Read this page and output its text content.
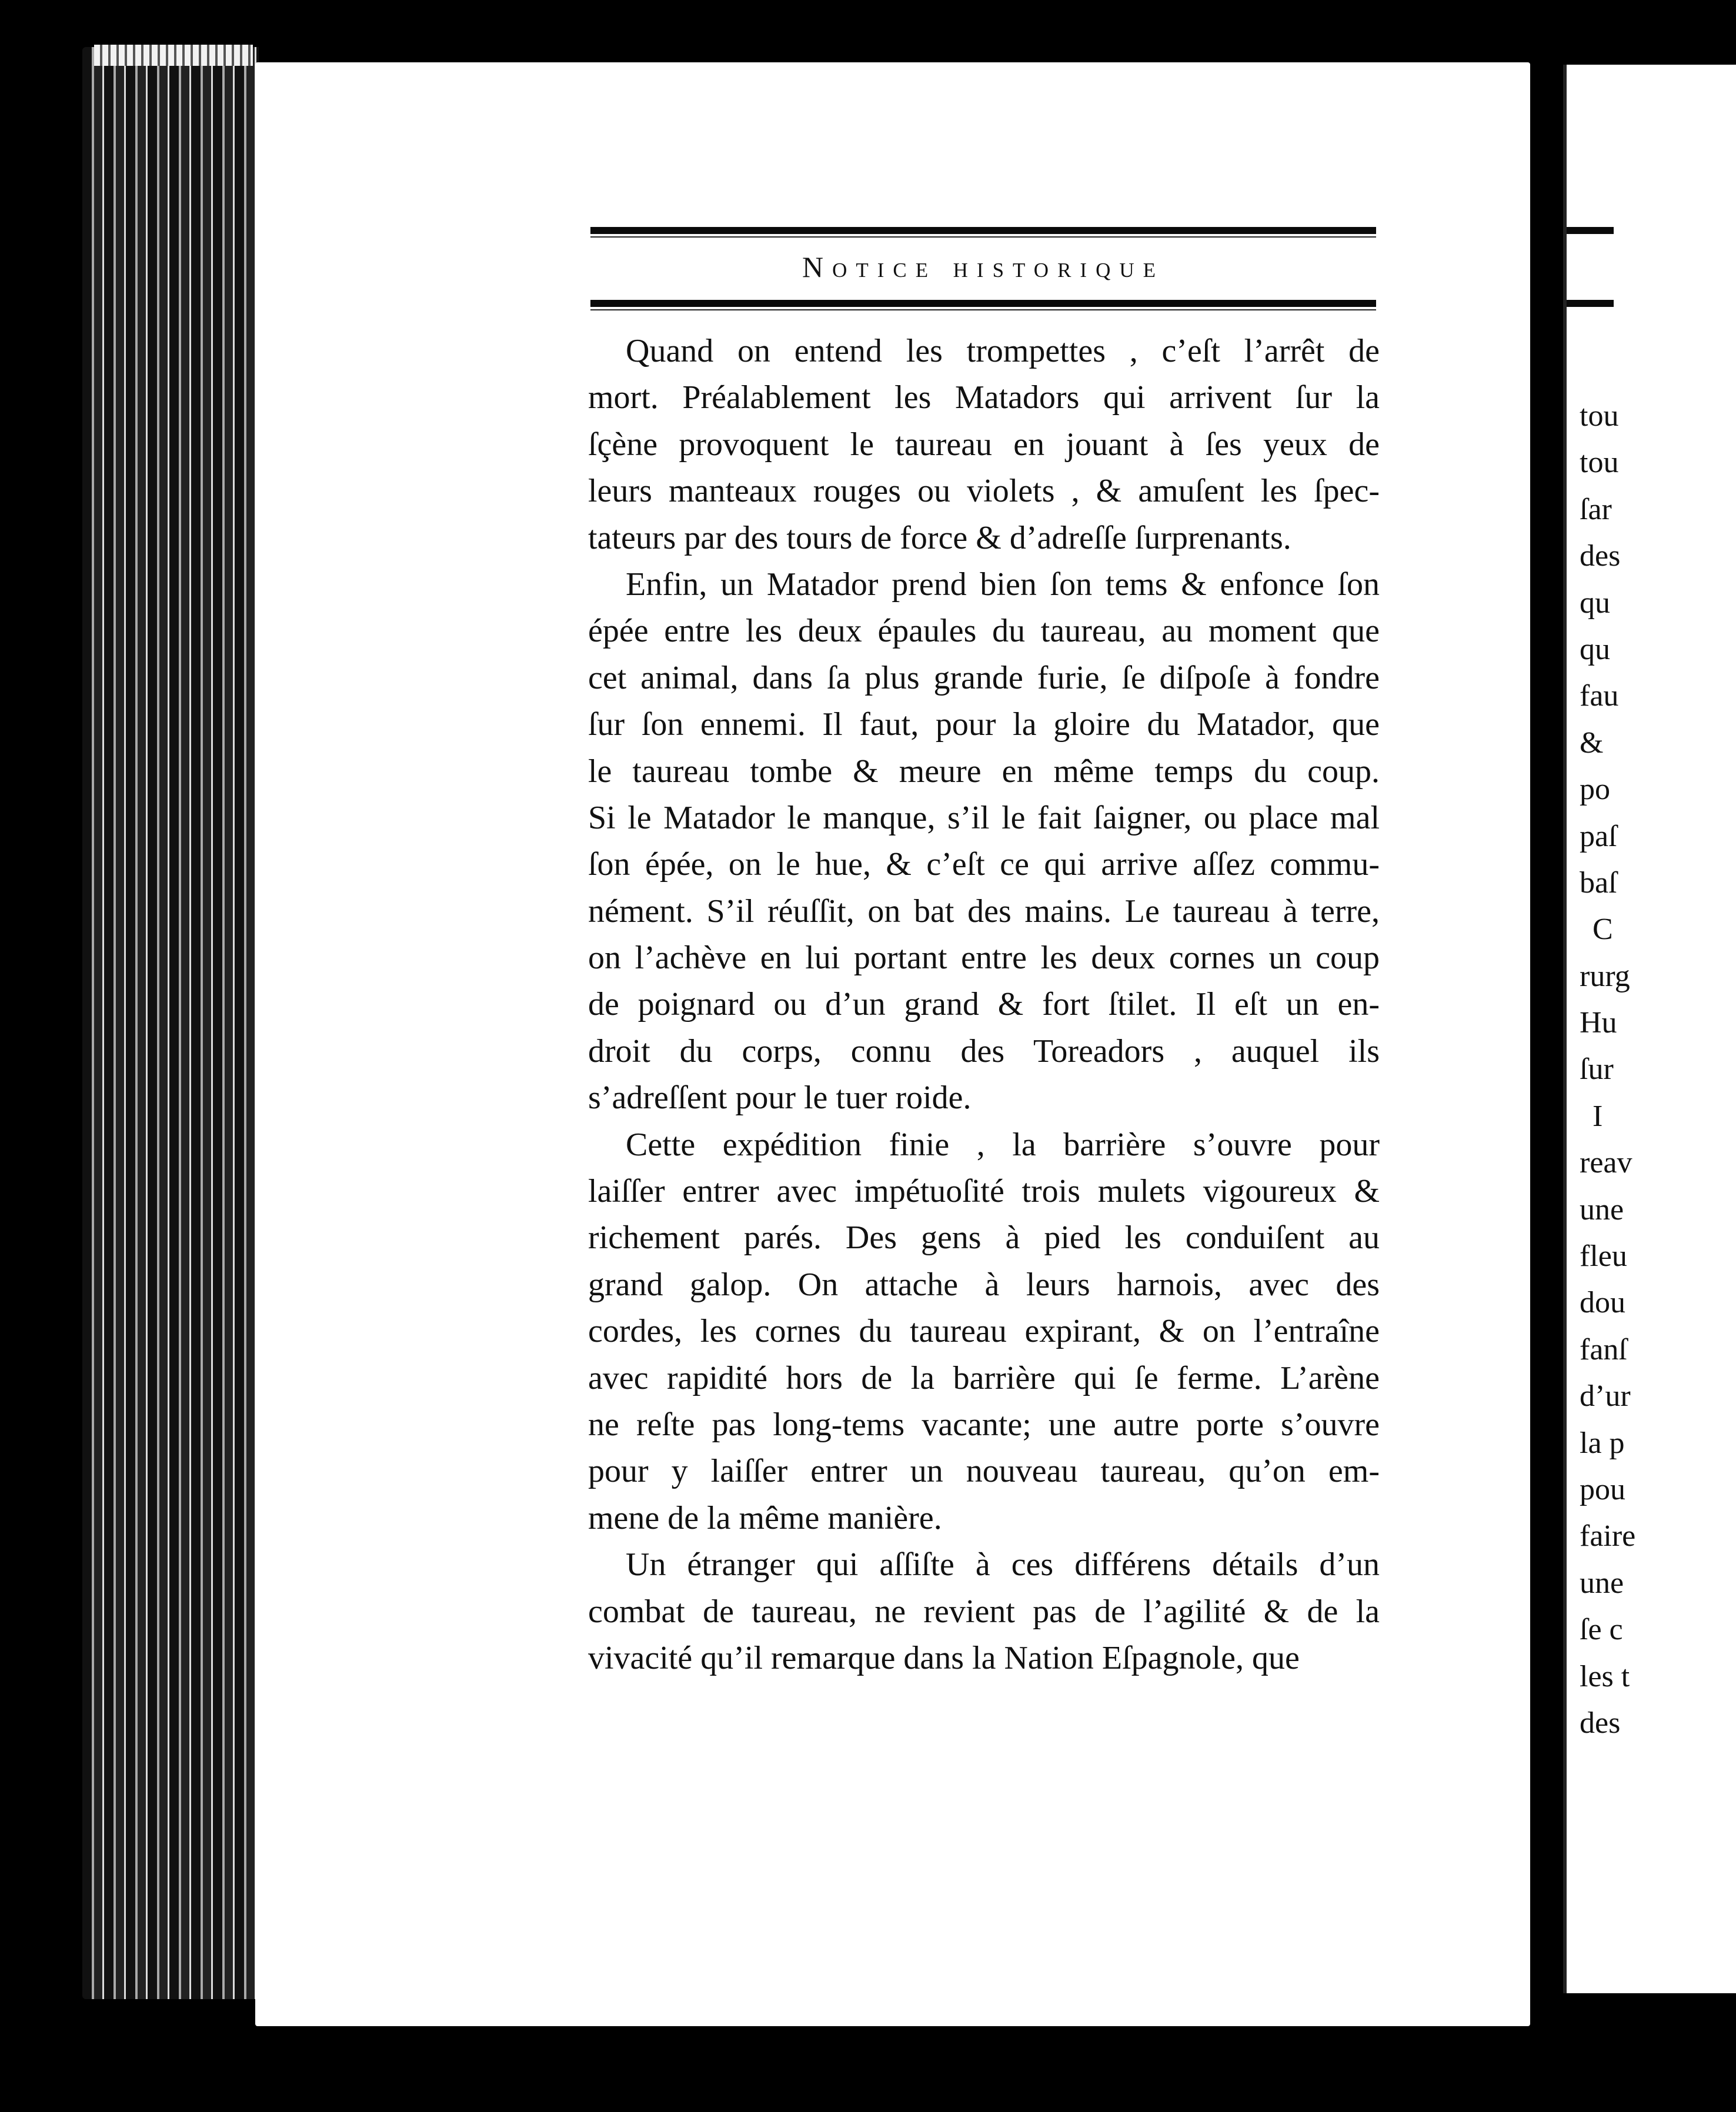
Notice historique
Quand on entend les trompettes , c’eſt l’arrêt de
mort. Préalablement les Matadors qui arrivent ſur la
ſçène provoquent le taureau en jouant à ſes yeux de
leurs manteaux rouges ou violets , & amuſent les ſpec-
tateurs par des tours de force & d’adreſſe ſurprenants.
Enfin, un Matador prend bien ſon tems & enfonce ſon
épée entre les deux épaules du taureau, au moment que
cet animal, dans ſa plus grande furie, ſe diſpoſe à fondre
ſur ſon ennemi. Il faut, pour la gloire du Matador, que
le taureau tombe & meure en même temps du coup.
Si le Matador le manque, s’il le fait ſaigner, ou place mal
ſon épée, on le hue, & c’eſt ce qui arrive aſſez commu-
nément. S’il réuſſit, on bat des mains. Le taureau à terre,
on l’achève en lui portant entre les deux cornes un coup
de poignard ou d’un grand & fort ſtilet. Il eſt un en-
droit du corps, connu des Toreadors , auquel ils
s’adreſſent pour le tuer roide.
Cette expédition finie , la barrière s’ouvre pour
laiſſer entrer avec impétuoſité trois mulets vigoureux &
richement parés. Des gens à pied les conduiſent au
grand galop. On attache à leurs harnois, avec des
cordes, les cornes du taureau expirant, & on l’entraîne
avec rapidité hors de la barrière qui ſe ferme. L’arène
ne reſte pas long-tems vacante; une autre porte s’ouvre
pour y laiſſer entrer un nouveau taureau, qu’on em-
mene de la même manière.
Un étranger qui aſſiſte à ces différens détails d’un
combat de taureau, ne revient pas de l’agilité & de la
vivacité qu’il remarque dans la Nation Eſpagnole, que
tou
tou
ſar
des
qu
qu
fau
&
po
paſ
baſ
C
rurg
Hu
ſur
I
reav
une
fleu
dou
fanſ
d’ur
la p
pou
faire
une
ſe c
les t
des
